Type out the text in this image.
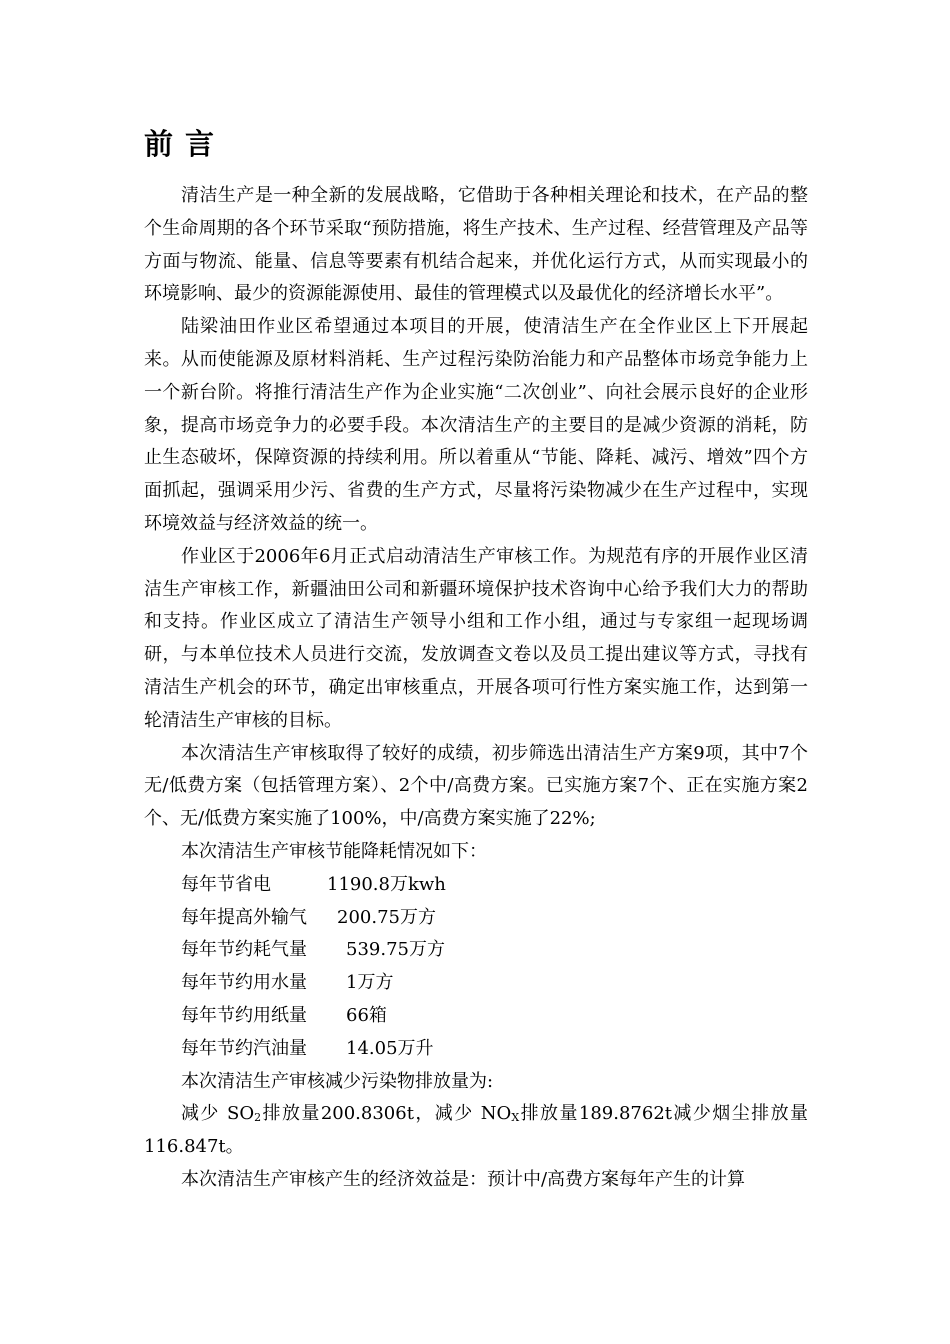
前言

清洁生产是一种全新的发展战略，它借助于各种相关理论和技术，在产品的整个生命周期的各个环节采取“预防措施，将生产技术、生产过程、经营管理及产品等方面与物流、能量、信息等要素有机结合起来，并优化运行方式，从而实现最小的环境影响、最少的资源能源使用、最佳的管理模式以及最优化的经济增长水平”。

陆梁油田作业区希望通过本项目的开展，使清洁生产在全作业区上下开展起来。从而使能源及原材料消耗、生产过程污染防治能力和产品整体市场竞争能力上一个新台阶。将推行清洁生产作为企业实施“二次创业”、向社会展示良好的企业形象，提高市场竞争力的必要手段。本次清洁生产的主要目的是减少资源的消耗，防止生态破坏，保障资源的持续利用。所以着重从“节能、降耗、减污、增效”四个方面抓起，强调采用少污、省费的生产方式，尽量将污染物减少在生产过程中，实现环境效益与经济效益的统一。

作业区于2006年6月正式启动清洁生产审核工作。为规范有序的开展作业区清洁生产审核工作，新疆油田公司和新疆环境保护技术咨询中心给予我们大力的帮助和支持。作业区成立了清洁生产领导小组和工作小组，通过与专家组一起现场调研，与本单位技术人员进行交流，发放调查文卷以及员工提出建议等方式，寻找有清洁生产机会的环节，确定出审核重点，开展各项可行性方案实施工作，达到第一轮清洁生产审核的目标。

本次清洁生产审核取得了较好的成绩，初步筛选出清洁生产方案9项，其中7个无/低费方案（包括管理方案）、2个中/高费方案。已实施方案7个、正在实施方案2个、无/低费方案实施了100%，中/高费方案实施了22%;

本次清洁生产审核节能降耗情况如下：

每年节省电	1190.8万kwh

每年提高外输气 200.75万方

每年节约耗气量 539.75万方

每年节约用水量 1万方

每年节约用纸量 66箱

每年节约汽油量 14.05万升

本次清洁生产审核减少污染物排放量为:

减少 $SO_2$排放量200.8306t，减少 $NO_X$排放量189.8762t减少烟尘排放量116.847t。

本次清洁生产审核产生的经济效益是：预计中/高费方案每年产生的计算
